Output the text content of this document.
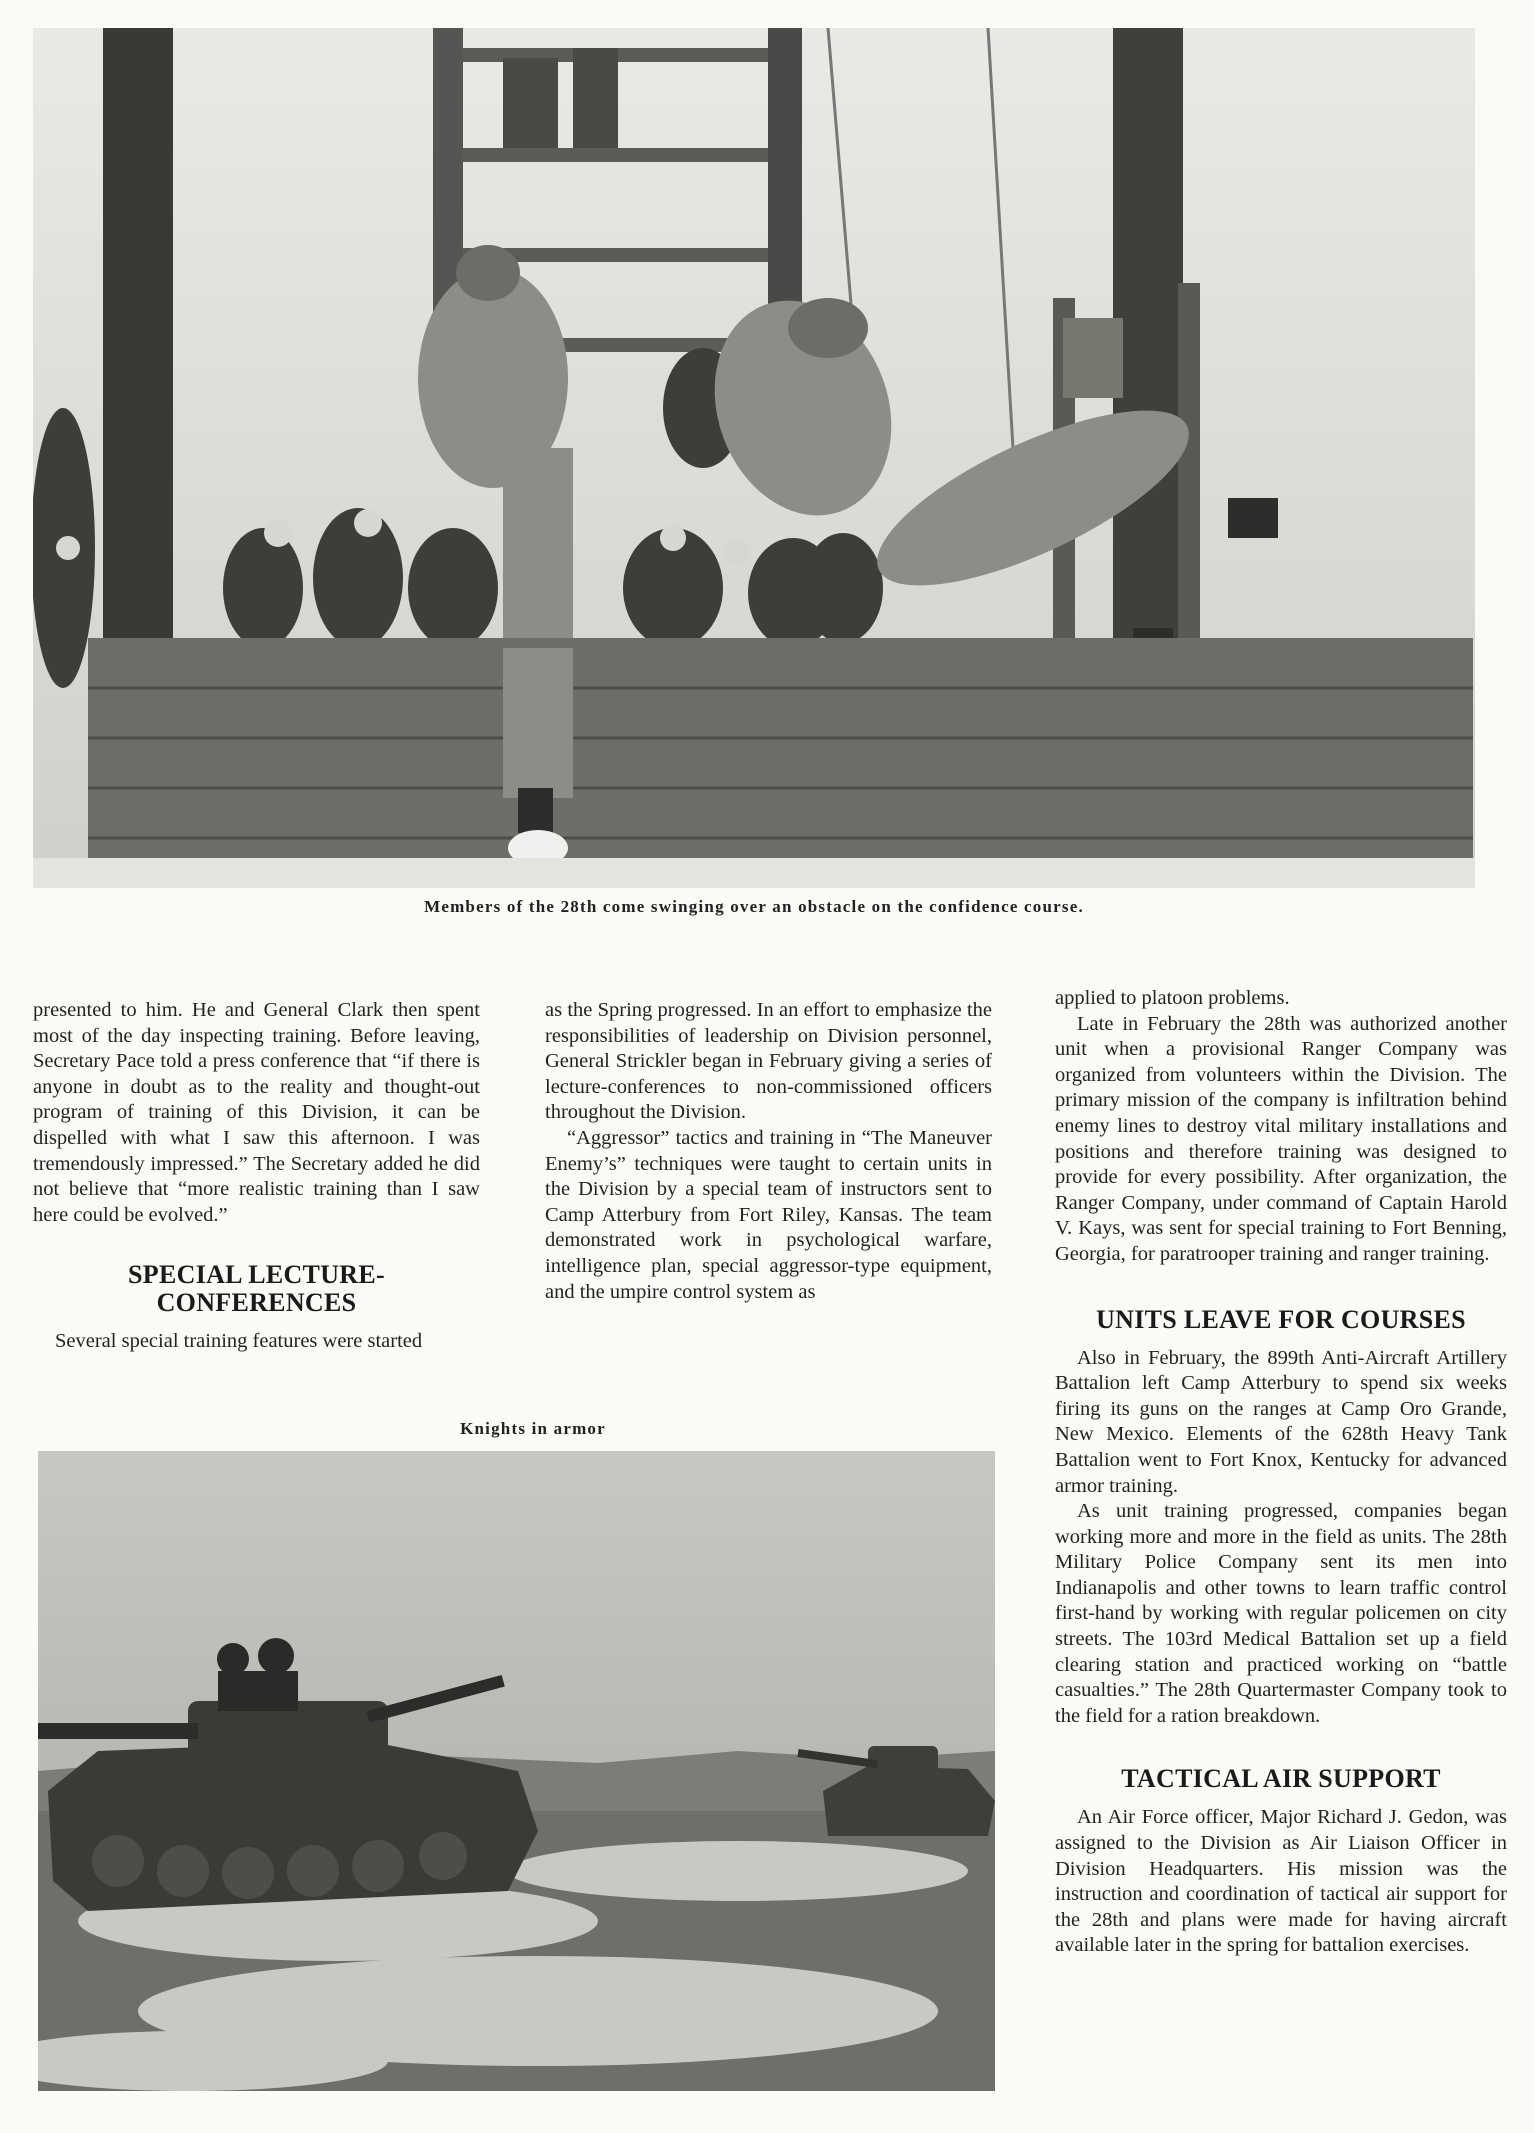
Members of the 28th come swinging over an obstacle on the confidence course.

presented to him. He and General Clark then spent most of the day inspecting training. Before leaving, Secretary Pace told a press conference that “if there is anyone in doubt as to the reality and thought-out program of training of this Division, it can be dispelled with what I saw this afternoon. I was tremendously impressed.” The Secretary added he did not believe that “more realistic training than I saw here could be evolved.”

SPECIAL LECTURE-CONFERENCES

Several special training features were started

as the Spring progressed. In an effort to emphasize the responsibilities of leadership on Division personnel, General Strickler began in February giving a series of lecture-conferences to non-commissioned officers throughout the Division.

“Aggressor” tactics and training in “The Maneuver Enemy’s” techniques were taught to certain units in the Division by a special team of instructors sent to Camp Atterbury from Fort Riley, Kansas. The team demonstrated work in psychological warfare, intelligence plan, special aggressor-type equipment, and the umpire control system as

applied to platoon problems.

Late in February the 28th was authorized another unit when a provisional Ranger Company was organized from volunteers within the Division. The primary mission of the company is infiltration behind enemy lines to destroy vital military installations and positions and therefore training was designed to provide for every possibility. After organization, the Ranger Company, under command of Captain Harold V. Kays, was sent for special training to Fort Benning, Georgia, for paratrooper training and ranger training.

UNITS LEAVE FOR COURSES

Also in February, the 899th Anti-Aircraft Artillery Battalion left Camp Atterbury to spend six weeks firing its guns on the ranges at Camp Oro Grande, New Mexico. Elements of the 628th Heavy Tank Battalion went to Fort Knox, Kentucky for advanced armor training.

As unit training progressed, companies began working more and more in the field as units. The 28th Military Police Company sent its men into Indianapolis and other towns to learn traffic control first-hand by working with regular policemen on city streets. The 103rd Medical Battalion set up a field clearing station and practiced working on “battle casualties.” The 28th Quartermaster Company took to the field for a ration breakdown.

TACTICAL AIR SUPPORT

An Air Force officer, Major Richard J. Gedon, was assigned to the Division as Air Liaison Officer in Division Headquarters. His mission was the instruction and coordination of tactical air support for the 28th and plans were made for having aircraft available later in the spring for battalion exercises.

Knights in armor
